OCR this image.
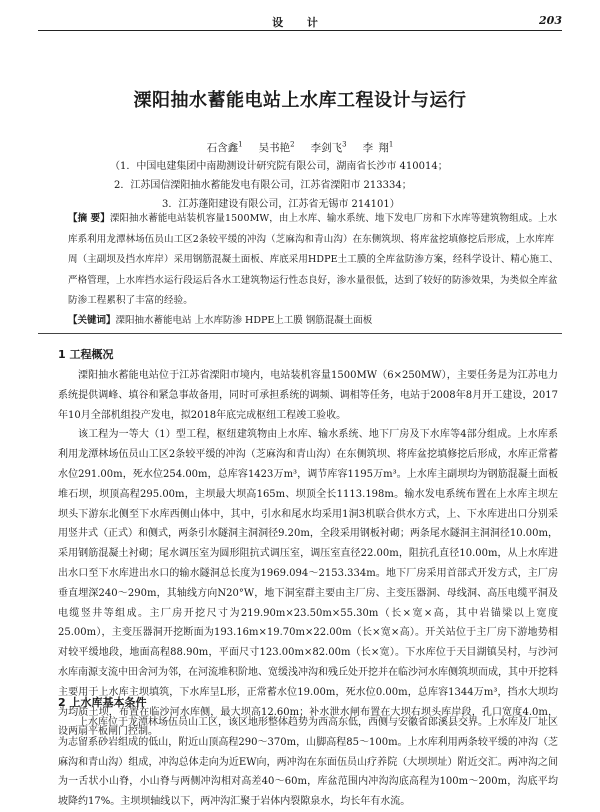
设 计	203
溧阳抽水蓄能电站上水库工程设计与运行
石含鑫$^1$ 吴书艳$^2$ 李剑飞$^3$ 李 翔$^1$
（1．中国电建集团中南勘测设计研究院有限公司，湖南省长沙市 410014；
2．江苏国信溧阳抽水蓄能发电有限公司，江苏省溧阳市 213334；
3．江苏蓬阳建设有限公司，江苏省无锡市 214101）
【摘 要】溧阳抽水蓄能电站装机容量1500MW，由上水库、输水系统、地下发电厂房和下水库等建筑物组成。上水库系利用龙潭林场伍员山工区2条较平缓的冲沟（芝麻沟和青山沟）在东侧筑坝、将库盆挖填修挖后形成，上水库库周（主副坝及挡水库岸）采用钢筋混凝土面板、库底采用HDPE土工膜的全库盆防渗方案，经科学设计、精心施工、严格管理，上水库挡水运行段运后各水工建筑物运行性态良好，渗水量很低，达到了较好的防渗效果，为类似全库盆防渗工程累积了丰富的经验。
【关键词】溧阳抽水蓄能电站 上水库防渗 HDPE上工膜 钢筋混凝土面板
1 工程概况

溧阳抽水蓄能电站位于江苏省溧阳市境内，电站装机容量1500MW（6×250MW），主要任务是为江苏电力系统提供调峰、填谷和紧急事故备用，同时可承担系统的调频、调相等任务，电站于2008年8月开工建设，2017年10月全部机组投产发电，拟2018年底完成枢纽工程竣工验收。

该工程为一等大（1）型工程，枢纽建筑物由上水库、输水系统、地下厂房及下水库等4部分组成。上水库系利用龙潭林场伍员山工区2条较平缓的冲沟（芝麻沟和青山沟）在东侧筑坝、将库盆挖填修挖后形成，水库正常蓄水位291.00m，死水位254.00m，总库容1423万m³，调节库容1195万m³。上水库主副坝均为钢筋混凝土面板堆石坝，坝顶高程295.00m，主坝最大坝高165m、坝顶全长1113.198m。输水发电系统布置在上水库主坝左坝头下游东北侧至下水库西侧山体中，其中，引水和尾水均采用1洞3机联合供水方式，上、下水库进出口分别采用竖井式（正式）和侧式，两条引水隧洞主洞洞径9.20m，全段采用钢板衬砌；两条尾水隧洞主洞洞径10.00m，采用钢筋混凝土衬砌；尾水调压室为圆形阻抗式调压室，调压室直径22.00m，阻抗孔直径10.00m，从上水库进出水口至下水库进出水口的输水隧洞总长度为1969.094～2153.334m。地下厂房采用首部式开发方式，主厂房垂直埋深240～290m，其轴线方向N20°W，地下洞室群主要由主厂房、主变压器洞、母线洞、高压电缆平洞及电缆竖井等组成。主厂房开挖尺寸为219.90m×23.50m×55.30m（长×宽×高，其中岩锚梁以上宽度25.00m），主变压器洞开挖断面为193.16m×19.70m×22.00m（长×宽×高）。开关站位于主厂房下游地势相对较平缓地段，地面高程88.90m，平面尺寸123.00m×82.00m（长×宽）。下水库位于天目湖镇吴村，与沙河水库南源支流中田舍河为邻，在河流堆积阶地、宽缓浅冲沟和残丘处开挖并在临沙河水库侧筑坝而成，其中开挖料主要用于上水库主坝填筑，下水库呈L形，正常蓄水位19.00m，死水位0.00m，总库容1344万m³，挡水大坝均为均质土坝，布置在临沙河水库侧，最大坝高12.60m；补水泄水闸布置在大坝右坝头库岸段，孔口宽度4.0m，设两扇平板闸门控制。

2 上水库基本条件

上水库位于龙潭林场伍员山工区，该区地形整体趋势为西高东低，西侧与安徽省郎溪县交界。上水库及厂址区为志留系砂岩组成的低山，附近山顶高程290～370m，山脚高程85～100m。上水库利用两条较平缓的冲沟（芝麻沟和青山沟）组成，冲沟总体走向为近EW向，两冲沟在东面伍员山疗养院（大坝坝址）附近交汇。两冲沟之间为一舌状小山脊，小山脊与两侧冲沟相对高差40～60m，库盆范围内冲沟沟底高程为100m～200m，沟底平均坡降约17%。主坝坝轴线以下，两冲沟汇聚于岩体内裂隙泉水，均长年有水流。
